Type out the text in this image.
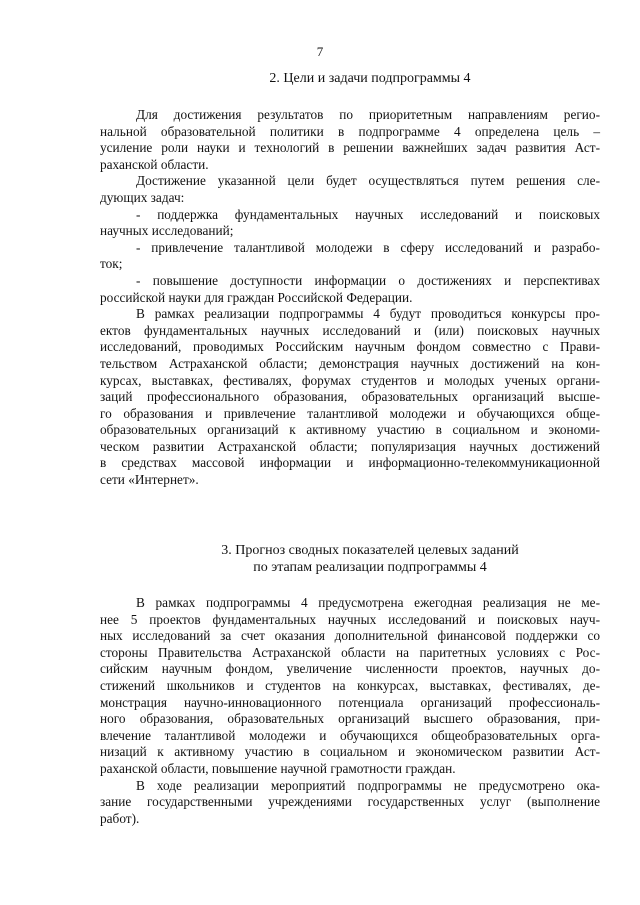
7
2. Цели и задачи подпрограммы 4

Для достижения результатов по приоритетным направлениям регио-
нальной образовательной политики в подпрограмме 4 определена цель –
усиление роли науки и технологий в решении важнейших задач развития Аст-
раханской области.

Достижение указанной цели будет осуществляться путем решения сле-
дующих задач:

- поддержка фундаментальных научных исследований и поисковых
научных исследований;

- привлечение талантливой молодежи в сферу исследований и разрабо-
ток;

- повышение доступности информации о достижениях и перспективах
российской науки для граждан Российской Федерации.

В рамках реализации подпрограммы 4 будут проводиться конкурсы про-
ектов фундаментальных научных исследований и (или) поисковых научных
исследований, проводимых Российским научным фондом совместно с Прави-
тельством Астраханской области; демонстрация научных достижений на кон-
курсах, выставках, фестивалях, форумах студентов и молодых ученых органи-
заций профессионального образования, образовательных организаций высше-
го образования и привлечение талантливой молодежи и обучающихся обще-
образовательных организаций к активному участию в социальном и экономи-
ческом развитии Астраханской области; популяризация научных достижений
в средствах массовой информации и информационно-телекоммуникационной
сети «Интернет».

3. Прогноз сводных показателей целевых заданий
по этапам реализации подпрограммы 4

В рамках подпрограммы 4 предусмотрена ежегодная реализация не ме-
нее 5 проектов фундаментальных научных исследований и поисковых науч-
ных исследований за счет оказания дополнительной финансовой поддержки со
стороны Правительства Астраханской области на паритетных условиях с Рос-
сийским научным фондом, увеличение численности проектов, научных до-
стижений школьников и студентов на конкурсах, выставках, фестивалях, де-
монстрация научно-инновационного потенциала организаций профессиональ-
ного образования, образовательных организаций высшего образования, при-
влечение талантливой молодежи и обучающихся общеобразовательных орга-
низаций к активному участию в социальном и экономическом развитии Аст-
раханской области, повышение научной грамотности граждан.

В ходе реализации мероприятий подпрограммы не предусмотрено ока-
зание государственными учреждениями государственных услуг (выполнение
работ).
